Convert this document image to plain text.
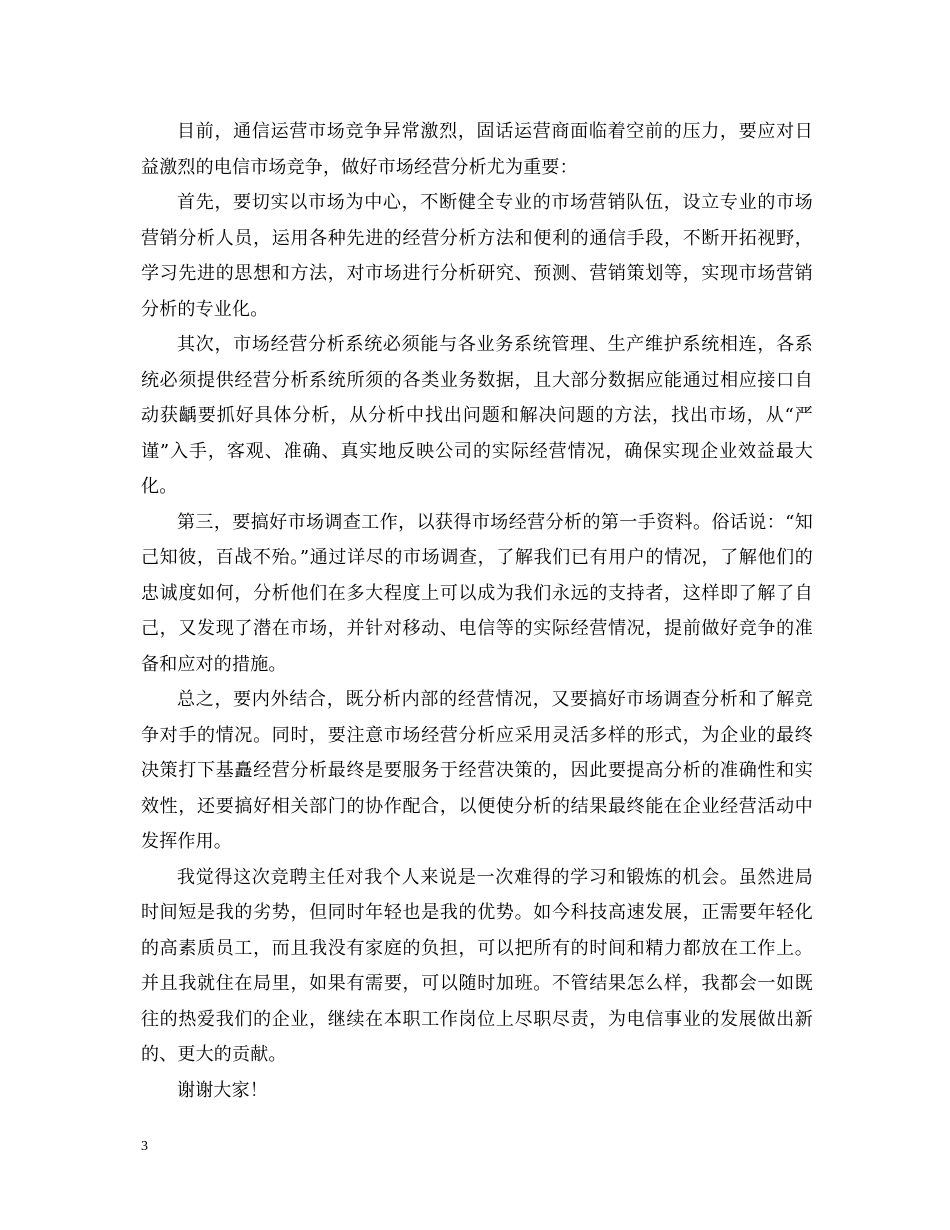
目前，通信运营市场竞争异常激烈，固话运营商面临着空前的压力，要应对日益激烈的电信市场竞争，做好市场经营分析尤为重要：

首先，要切实以市场为中心，不断健全专业的市场营销队伍，设立专业的市场营销分析人员，运用各种先进的经营分析方法和便利的通信手段，不断开拓视野，学习先进的思想和方法，对市场进行分析研究、预测、营销策划等，实现市场营销分析的专业化。

其次，市场经营分析系统必须能与各业务系统管理、生产维护系统相连，各系统必须提供经营分析系统所须的各类业务数据，且大部分数据应能通过相应接口自动获齲要抓好具体分析，从分析中找出问题和解决问题的方法，找出市场，从“严谨”入手，客观、准确、真实地反映公司的实际经营情况，确保实现企业效益最大化。

第三，要搞好市场调查工作，以获得市场经营分析的第一手资料。俗话说：“知己知彼，百战不殆。”通过详尽的市场调查，了解我们已有用户的情况，了解他们的忠诚度如何，分析他们在多大程度上可以成为我们永远的支持者，这样即了解了自己，又发现了潜在市场，并针对移动、电信等的实际经营情况，提前做好竞争的准备和应对的措施。

总之，要内外结合，既分析内部的经营情况，又要搞好市场调查分析和了解竞争对手的情况。同时，要注意市场经营分析应采用灵活多样的形式，为企业的最终决策打下基矗经营分析最终是要服务于经营决策的，因此要提高分析的准确性和实效性，还要搞好相关部门的协作配合，以便使分析的结果最终能在企业经营活动中发挥作用。

我觉得这次竞聘主任对我个人来说是一次难得的学习和锻炼的机会。虽然进局时间短是我的劣势，但同时年轻也是我的优势。如今科技高速发展，正需要年轻化的高素质员工，而且我没有家庭的负担，可以把所有的时间和精力都放在工作上。并且我就住在局里，如果有需要，可以随时加班。不管结果怎么样，我都会一如既往的热爱我们的企业，继续在本职工作岗位上尽职尽责，为电信事业的发展做出新的、更大的贡献。

谢谢大家！

3
